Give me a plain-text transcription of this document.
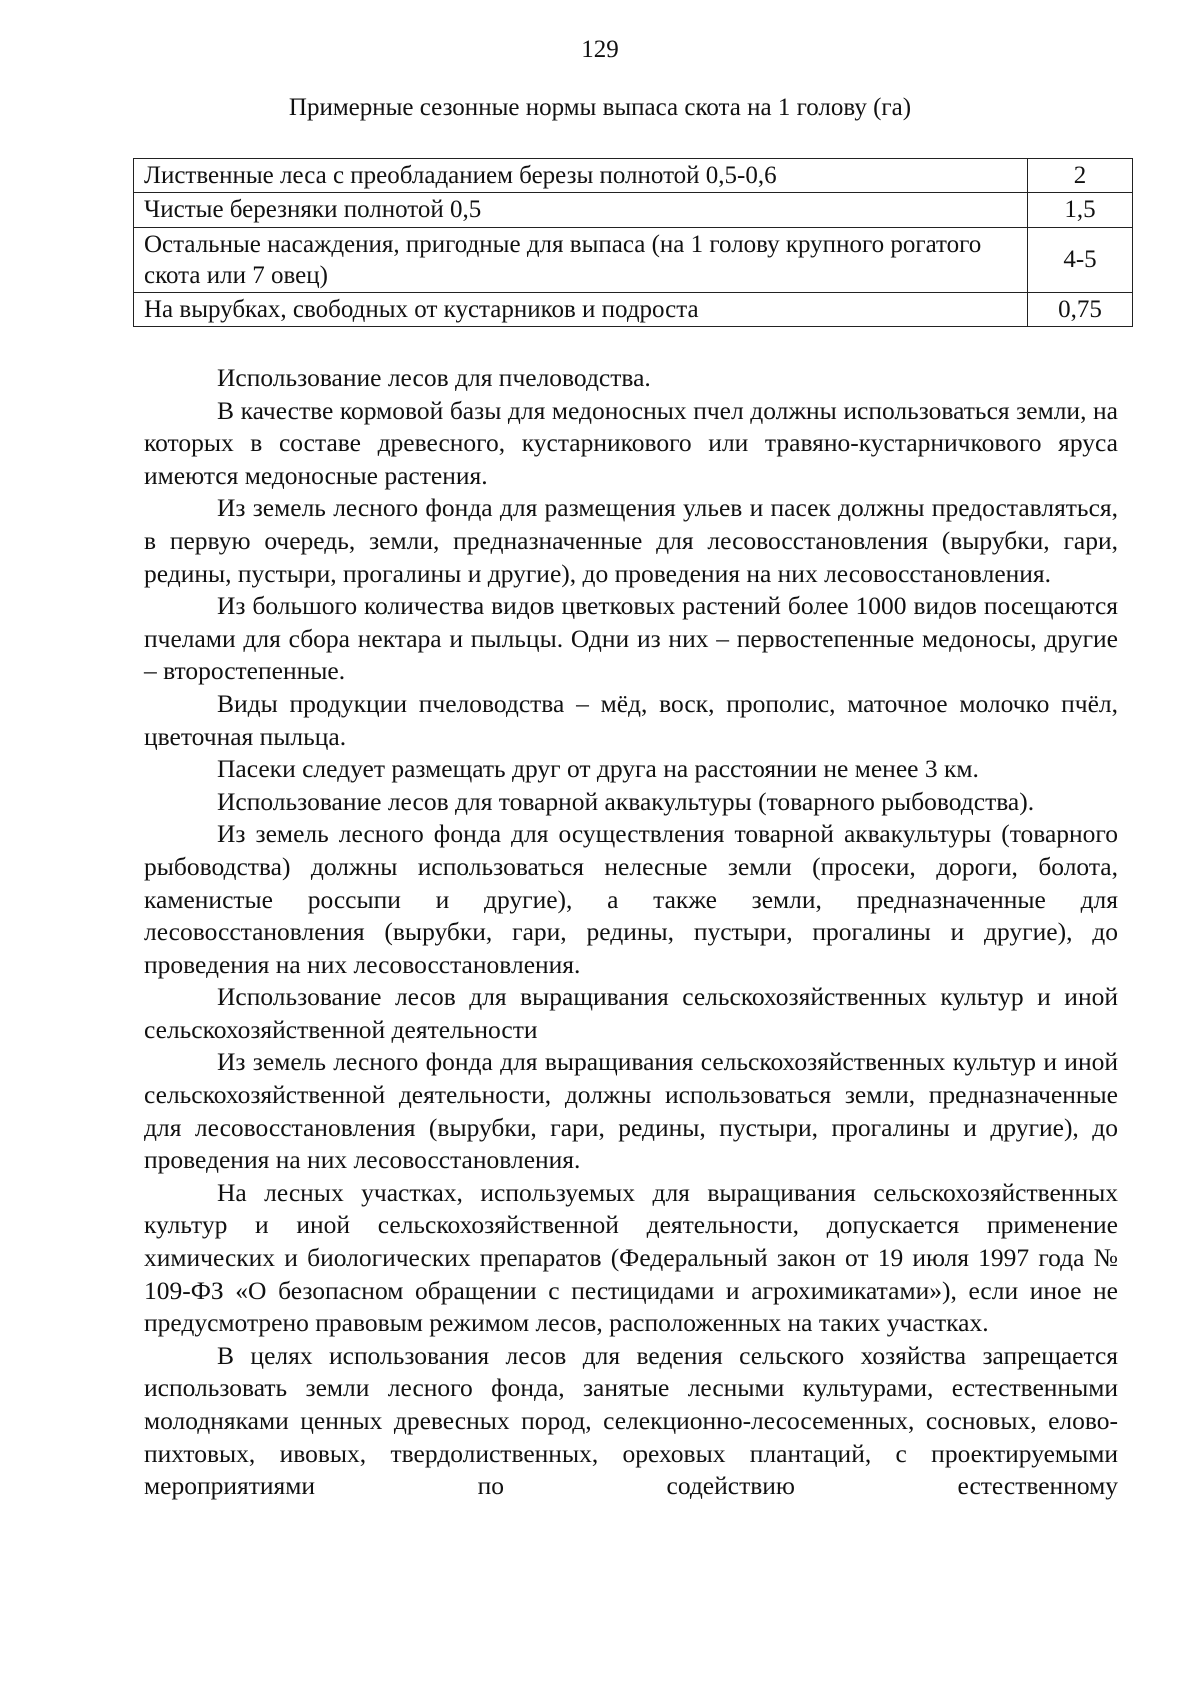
129
Примерные сезонные нормы выпаса скота на 1 голову (га)
Лиственные леса с преобладанием березы полнотой 0,5-0,6	2
Чистые березняки полнотой 0,5	1,5
Остальные насаждения, пригодные для выпаса (на 1 голову крупного рогатого скота или 7 овец)	4-5
На вырубках, свободных от кустарников и подроста	0,75

Использование лесов для пчеловодства.

В качестве кормовой базы для медоносных пчел должны использоваться земли, на которых в составе древесного, кустарникового или травяно-кустарничкового яруса имеются медоносные растения.

Из земель лесного фонда для размещения ульев и пасек должны предоставляться, в первую очередь, земли, предназначенные для лесовосстановления (вырубки, гари, редины, пустыри, прогалины и другие), до проведения на них лесовосстановления.

Из большого количества видов цветковых растений более 1000 видов посещаются пчелами для сбора нектара и пыльцы. Одни из них – первостепенные медоносы, другие – второстепенные.

Виды продукции пчеловодства – мёд, воск, прополис, маточное молочко пчёл, цветочная пыльца.

Пасеки следует размещать друг от друга на расстоянии не менее 3 км.

Использование лесов для товарной аквакультуры (товарного рыбоводства).

Из земель лесного фонда для осуществления товарной аквакультуры (товарного рыбоводства) должны использоваться нелесные земли (просеки, дороги, болота, каменистые россыпи и другие), а также земли, предназначенные для лесовосстановления (вырубки, гари, редины, пустыри, прогалины и другие), до проведения на них лесовосстановления.

Использование лесов для выращивания сельскохозяйственных культур и иной сельскохозяйственной деятельности

Из земель лесного фонда для выращивания сельскохозяйственных культур и иной сельскохозяйственной деятельности, должны использоваться земли, предназначенные для лесовосстановления (вырубки, гари, редины, пустыри, прогалины и другие), до проведения на них лесовосстановления.

На лесных участках, используемых для выращивания сельскохозяйственных культур и иной сельскохозяйственной деятельности, допускается применение химических и биологических препаратов (Федеральный закон от 19 июля 1997 года № 109-ФЗ «О безопасном обращении с пестицидами и агрохимикатами»), если иное не предусмотрено правовым режимом лесов, расположенных на таких участках.

В целях использования лесов для ведения сельского хозяйства запрещается использовать земли лесного фонда, занятые лесными культурами, естественными молодняками ценных древесных пород, селекционно-лесосеменных, сосновых, елово-пихтовых, ивовых, твердолиственных, ореховых плантаций, с проектируемыми мероприятиями по содействию естественному
